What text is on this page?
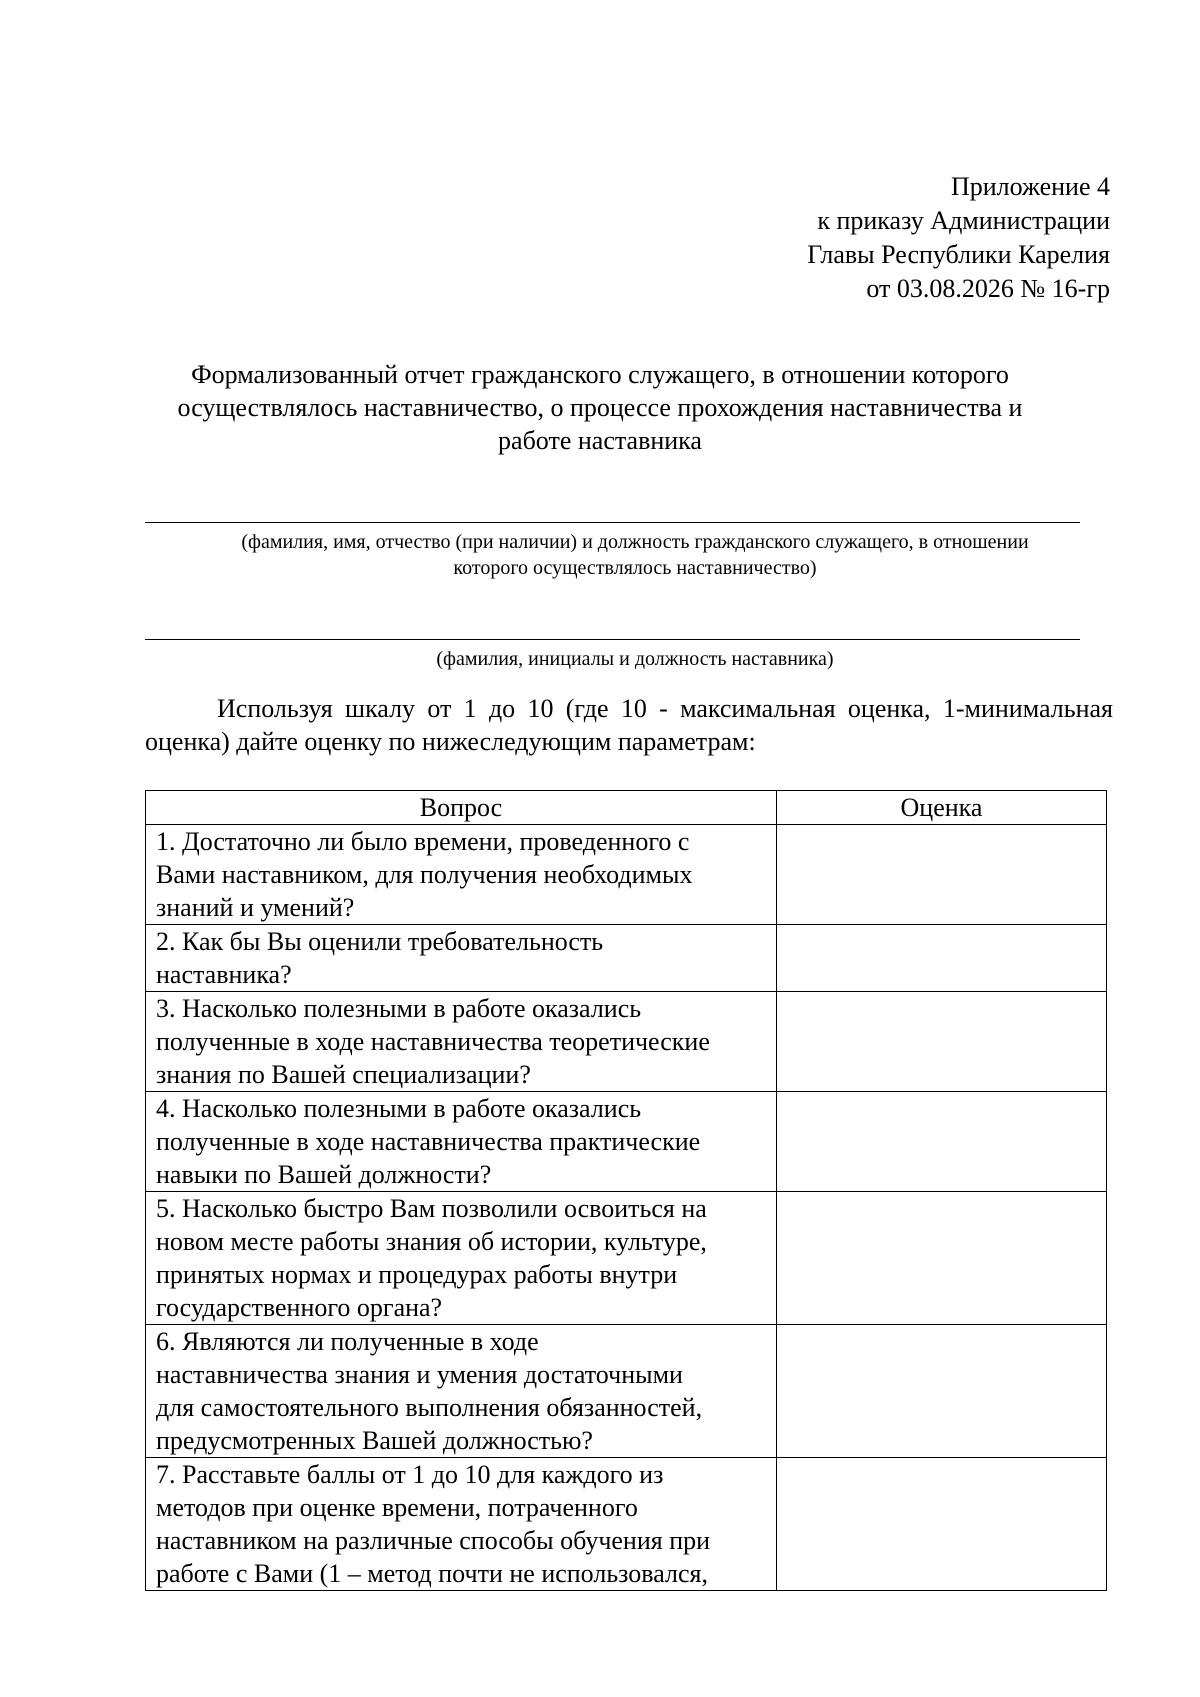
Приложение 4
к приказу Администрации
Главы Республики Карелия
от 03.08.2026 № 16-гр
Формализованный отчет гражданского служащего, в отношении которого
осуществлялось наставничество, о процессе прохождения наставничества и
работе наставника
(фамилия, имя, отчество (при наличии) и должность гражданского служащего, в отношении
которого осуществлялось наставничество)
(фамилия, инициалы и должность наставника)
Используя шкалу от 1 до 10 (где 10 - максимальная оценка, 1-минимальная оценка) дайте оценку по нижеследующим параметрам:
Вопрос	Оценка

1. Достаточно ли было времени, проведенного с
Вами наставником, для получения необходимых
знаний и умений?	

2. Как бы Вы оценили требовательность
наставника?	

3. Насколько полезными в работе оказались
полученные в ходе наставничества теоретические
знания по Вашей специализации?	

4. Насколько полезными в работе оказались
полученные в ходе наставничества практические
навыки по Вашей должности?	

5. Насколько быстро Вам позволили освоиться на
новом месте работы знания об истории, культуре,
принятых нормах и процедурах работы внутри
государственного органа?	

6. Являются ли полученные в ходе
наставничества знания и умения достаточными
для самостоятельного выполнения обязанностей,
предусмотренных Вашей должностью?	

7. Расставьте баллы от 1 до 10 для каждого из
методов при оценке времени, потраченного
наставником на различные способы обучения при
работе с Вами (1 – метод почти не использовался,	
